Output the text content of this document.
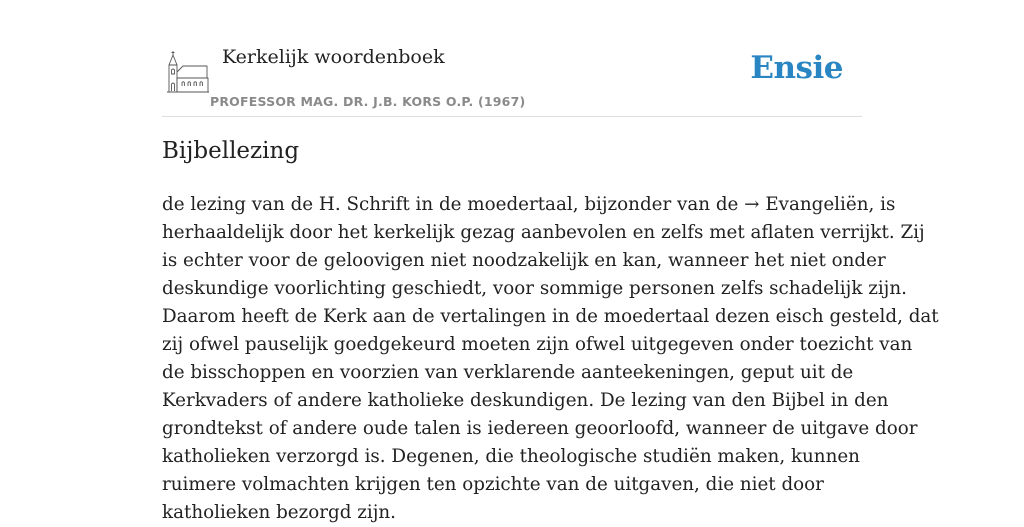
Kerkelijk woordenboek
PROFESSOR MAG. DR. J.B. KORS O.P. (1967)
Ensie
Bijbellezing

de lezing van de H. Schrift in de moedertaal, bijzonder van de → Evangeliën, is
herhaaldelijk door het kerkelijk gezag aanbevolen en zelfs met aflaten verrijkt. Zij
is echter voor de geloovigen niet noodzakelijk en kan, wanneer het niet onder
deskundige voorlichting geschiedt, voor sommige personen zelfs schadelijk zijn.
Daarom heeft de Kerk aan de vertalingen in de moedertaal dezen eisch gesteld, dat
zij ofwel pauselijk goedgekeurd moeten zijn ofwel uitgegeven onder toezicht van
de bisschoppen en voorzien van verklarende aanteekeningen, geput uit de
Kerkvaders of andere katholieke deskundigen. De lezing van den Bijbel in den
grondtekst of andere oude talen is iedereen geoorloofd, wanneer de uitgave door
katholieken verzorgd is. Degenen, die theologische studiën maken, kunnen
ruimere volmachten krijgen ten opzichte van de uitgaven, die niet door
katholieken bezorgd zijn.
